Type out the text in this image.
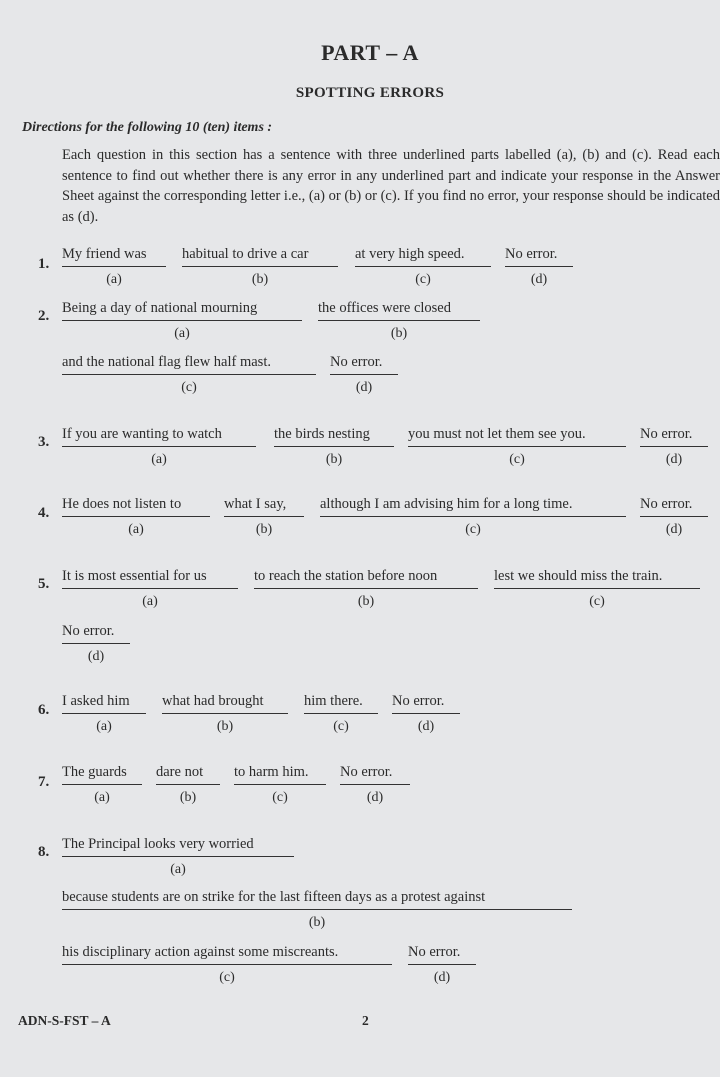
PART – A
SPOTTING ERRORS
Directions for the following 10 (ten) items :
Each question in this section has a sentence with three underlined parts labelled (a), (b) and (c). Read each sentence to find out whether there is any error in any underlined part and indicate your response in the Answer Sheet against the corresponding letter i.e., (a) or (b) or (c). If you find no error, your response should be indicated as (d).
1.
My friend was
(a)
habitual to drive a car
(b)
at very high speed.
(c)
No error.
(d)
2. Being a day of national mourning
(a)
the offices were closed
(b)
and the national flag flew half mast.
(c)
No error.
(d)
3. If you are wanting to watch
(a)
the birds nesting
(b)
you must not let them see you.
(c)
No error.
(d)
4.
He does not listen to
(a)
what I say,
(b)
although I am advising him for a long time.
(c)
No error.
(d)
5. It is most essential for us
(a)
to reach the station before noon
(b)
lest we should miss the train.
(c)
No error.
(d)
6.
I asked him
(a)
what had brought
(b)
him there.
(c)
No error.
(d)
7.
The guards
(a)
dare not
(b)
to harm him.
(c)
No error.
(d)
8. The Principal looks very worried
(a)
because students are on strike for the last fifteen days as a protest against
(b)
his disciplinary action against some miscreants.
(c)
No error.
(d)
ADN-S-FST – A	2
